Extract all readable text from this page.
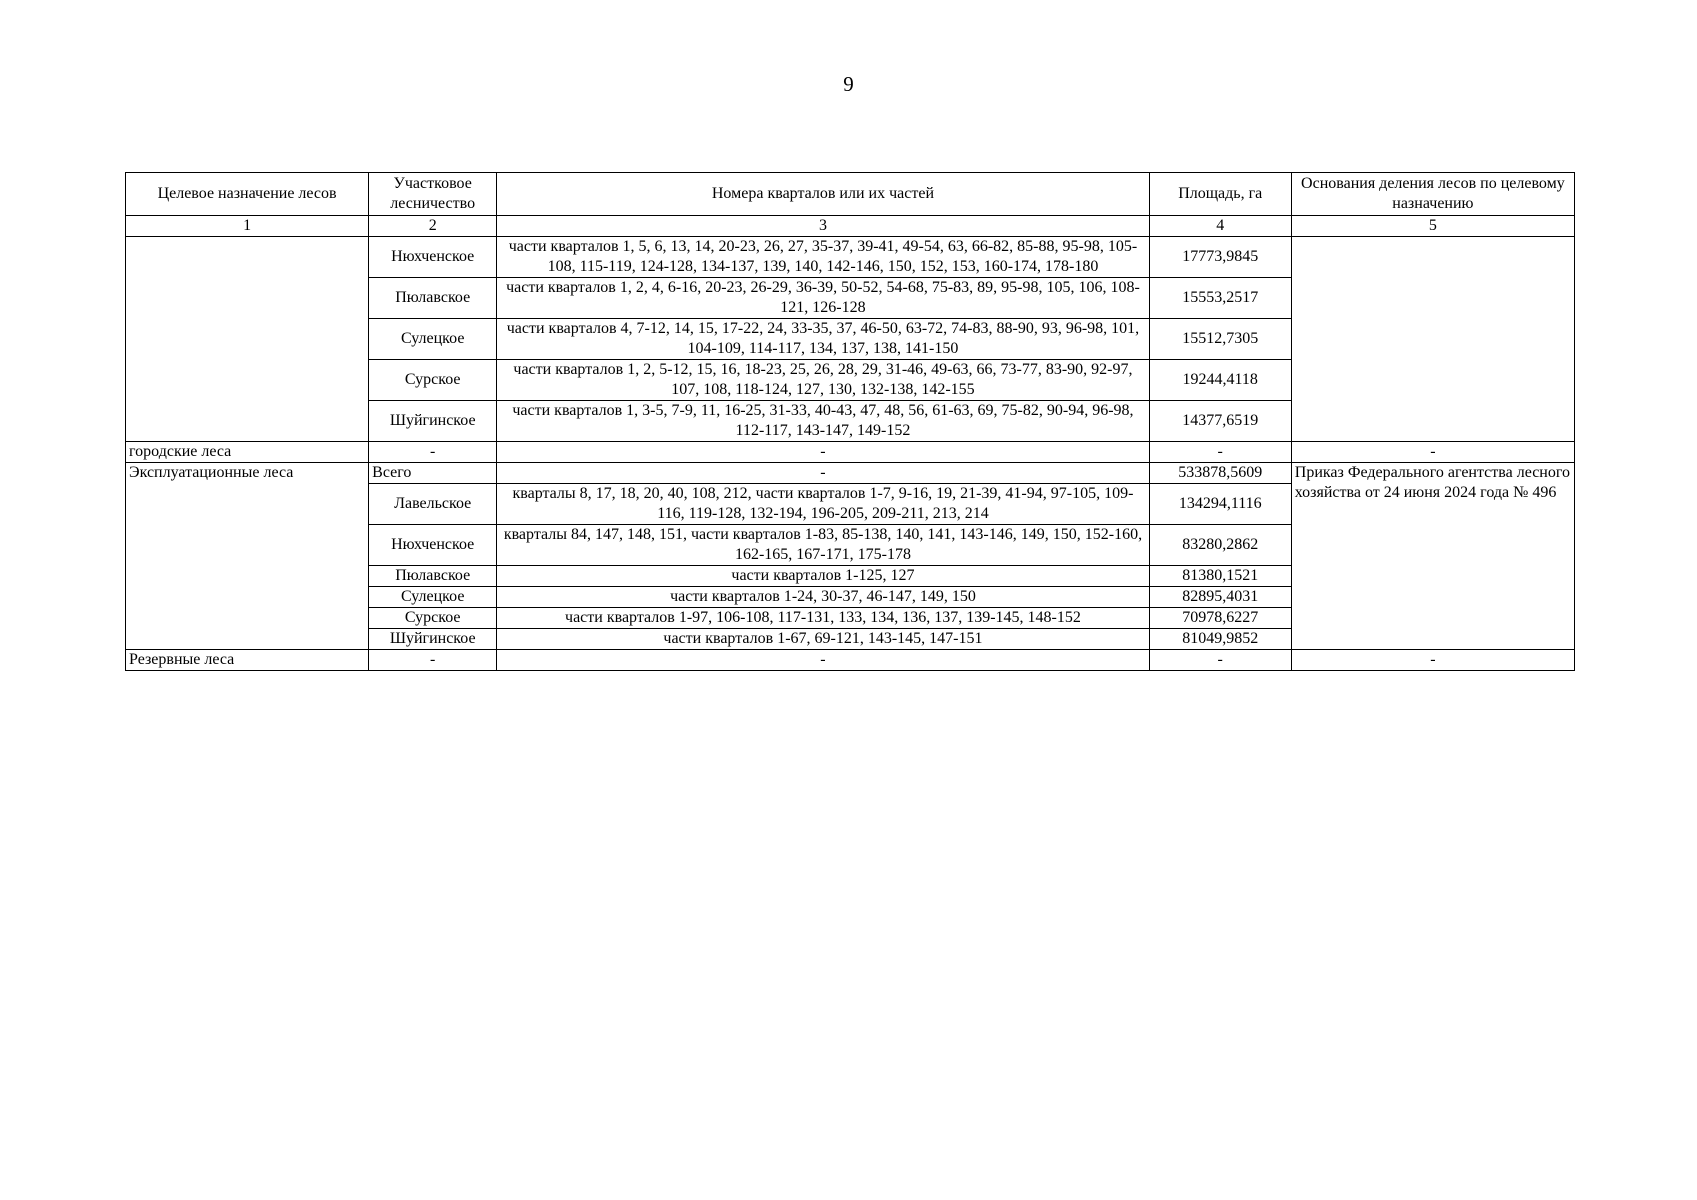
9
Целевое назначение лесов	Участковое лесничество	Номера кварталов или их частей	Площадь, га	Основания деления лесов по целевому назначению
1	2	3	4	5
	Нюхченское	части кварталов 1, 5, 6, 13, 14, 20-23, 26, 27, 35-37, 39-41, 49-54, 63, 66-82, 85-88, 95-98, 105-108, 115-119, 124-128, 134-137, 139, 140, 142-146, 150, 152, 153, 160-174, 178-180	17773,9845	
	Пюлавское	части кварталов 1, 2, 4, 6-16, 20-23, 26-29, 36-39, 50-52, 54-68, 75-83, 89, 95-98, 105, 106, 108-121, 126-128	15553,2517	
	Сулецкое	части кварталов 4, 7-12, 14, 15, 17-22, 24, 33-35, 37, 46-50, 63-72, 74-83, 88-90, 93, 96-98, 101, 104-109, 114-117, 134, 137, 138, 141-150	15512,7305	
	Сурское	части кварталов 1, 2, 5-12, 15, 16, 18-23, 25, 26, 28, 29, 31-46, 49-63, 66, 73-77, 83-90, 92-97, 107, 108, 118-124, 127, 130, 132-138, 142-155	19244,4118	
	Шуйгинское	части кварталов 1, 3-5, 7-9, 11, 16-25, 31-33, 40-43, 47, 48, 56, 61-63, 69, 75-82, 90-94, 96-98, 112-117, 143-147, 149-152	14377,6519	
городские леса	-	-	-	-
Эксплуатационные леса	Всего	-	533878,5609	Приказ Федерального агентства лесного хозяйства от 24 июня 2024 года № 496
	Лавельское	кварталы 8, 17, 18, 20, 40, 108, 212, части кварталов 1-7, 9-16, 19, 21-39, 41-94, 97-105, 109-116, 119-128, 132-194, 196-205, 209-211, 213, 214	134294,1116	
	Нюхченское	кварталы 84, 147, 148, 151, части кварталов 1-83, 85-138, 140, 141, 143-146, 149, 150, 152-160, 162-165, 167-171, 175-178	83280,2862	
	Пюлавское	части кварталов 1-125, 127	81380,1521	
	Сулецкое	части кварталов 1-24, 30-37, 46-147, 149, 150	82895,4031	
	Сурское	части кварталов 1-97, 106-108, 117-131, 133, 134, 136, 137, 139-145, 148-152	70978,6227	
	Шуйгинское	части кварталов 1-67, 69-121, 143-145, 147-151	81049,9852	
Резервные леса	-	-	-	-
